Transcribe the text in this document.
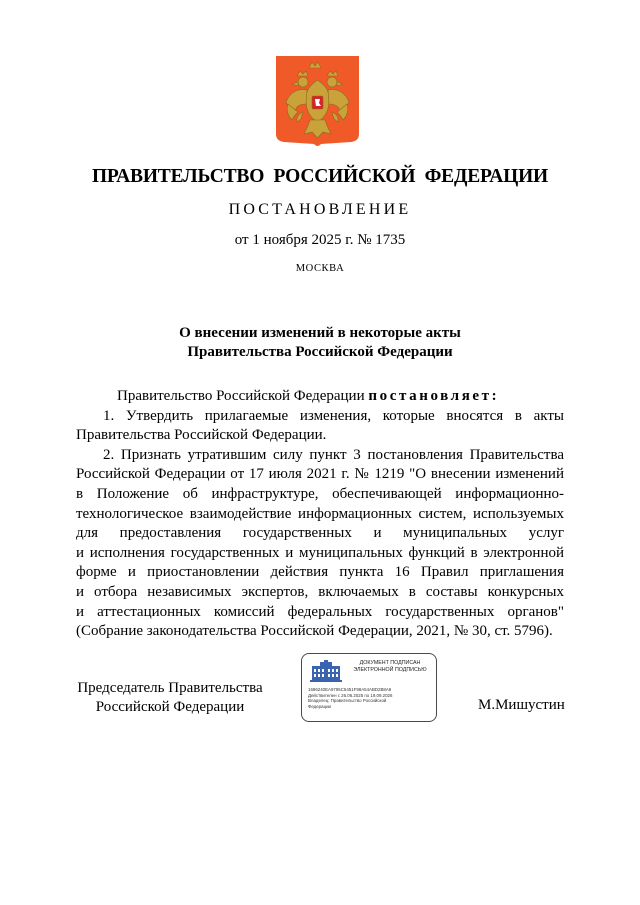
ПРАВИТЕЛЬСТВО  РОССИЙСКОЙ  ФЕДЕРАЦИИ
ПОСТАНОВЛЕНИЕ
от 1 ноября 2025 г. № 1735
МОСКВА
О внесении изменений в некоторые акты
Правительства Российской Федерации
Правительство Российской Федерации постановляет:
1. Утвердить прилагаемые изменения, которые вносятся в акты
Правительства Российской Федерации.
2. Признать утратившим силу пункт 3 постановления Правительства
Российской Федерации от 17 июля 2021 г. № 1219 "О внесении изменений
в Положение об инфраструктуре, обеспечивающей информационно-
технологическое взаимодействие информационных систем, используемых
для предоставления государственных и муниципальных услуг
и исполнения государственных и муниципальных функций в электронной
форме и приостановлении действия пункта 16 Правил приглашения
и отбора независимых экспертов, включаемых в составы конкурсных
и аттестационных комиссий федеральных государственных органов"
(Собрание законодательства Российской Федерации, 2021, № 30, ст. 5796).
Председатель Правительства
Российской Федерации
ДОКУМЕНТ ПОДПИСАН
ЭЛЕКТРОННОЙ ПОДПИСЬЮ
1696240EA9795C5451F98A54ABD2B8A9
Действителен с 26.06.2025 по 19.09.2026
Владелец: Правительство Российской
Федерации	М.Мишустин
